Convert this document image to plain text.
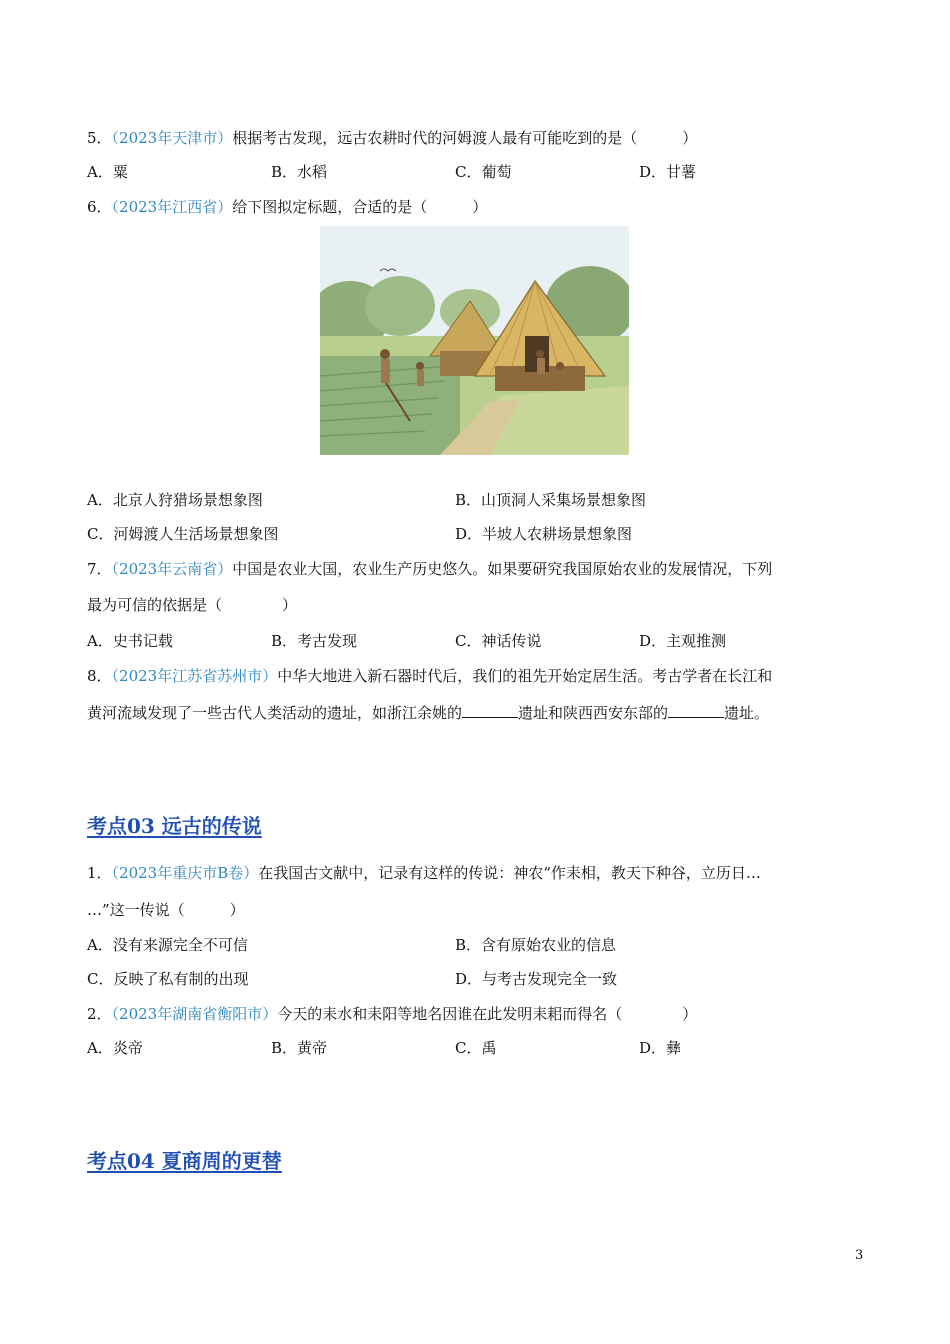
5．（2023年天津市）根据考古发现，远古农耕时代的河姆渡人最有可能吃到的是（　　　）
A．粟	B．水稻	C．葡萄	D．甘薯
6．（2023年江西省）给下图拟定标题，合适的是（　　　）
A．北京人狩猎场景想象图	B．山顶洞人采集场景想象图
C．河姆渡人生活场景想象图	D．半坡人农耕场景想象图
7．（2023年云南省）中国是农业大国，农业生产历史悠久。如果要研究我国原始农业的发展情况，下列
最为可信的依据是（　　　　）
A．史书记载	B．考古发现	C．神话传说	D．主观推测
8．（2023年江苏省苏州市）中华大地进入新石器时代后，我们的祖先开始定居生活。考古学者在长江和
黄河流域发现了一些古代人类活动的遗址，如浙江余姚的	遗址和陕西西安东部的	遗址。
考点03 远古的传说
1．（2023年重庆市B卷）在我国古文献中，记录有这样的传说：神农“作耒相，教天下种谷，立历日…
…”这一传说（　　　）
A．没有来源完全不可信	B．含有原始农业的信息
C．反映了私有制的出现	D．与考古发现完全一致
2．（2023年湖南省衡阳市）今天的耒水和耒阳等地名因谁在此发明耒耜而得名（　　　　）
A．炎帝	B．黄帝	C．禹	D．彝
考点04 夏商周的更替
3
